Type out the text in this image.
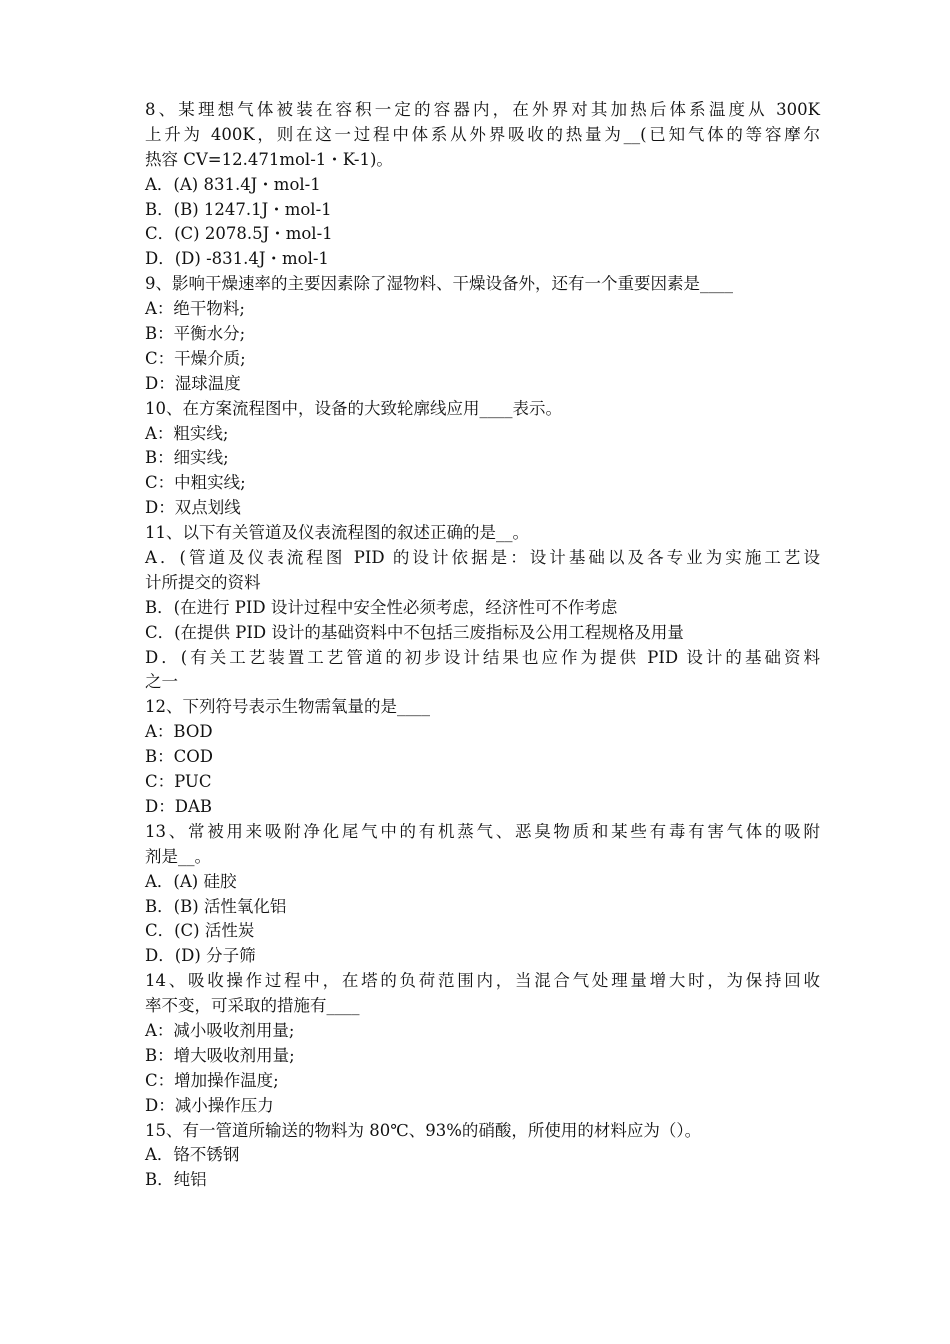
8、某理想气体被装在容积一定的容器内，在外界对其加热后体系温度从 300K
上升为 400K，则在这一过程中体系从外界吸收的热量为__(已知气体的等容摩尔
热容 CV=12.471mol-1・K-1)。
A．(A) 831.4J・mol-1
B．(B) 1247.1J・mol-1
C．(C) 2078.5J・mol-1
D．(D) -831.4J・mol-1
9、影响干燥速率的主要因素除了湿物料、干燥设备外，还有一个重要因素是____
A：绝干物料;
B：平衡水分;
C：干燥介质;
D：湿球温度
10、在方案流程图中，设备的大致轮廓线应用____表示。
A：粗实线;
B：细实线;
C：中粗实线;
D：双点划线
11、以下有关管道及仪表流程图的叙述正确的是__。
A．(管道及仪表流程图 PID 的设计依据是：设计基础以及各专业为实施工艺设
计所提交的资料
B．(在进行 PID 设计过程中安全性必须考虑，经济性可不作考虑
C．(在提供 PID 设计的基础资料中不包括三废指标及公用工程规格及用量
D．(有关工艺装置工艺管道的初步设计结果也应作为提供 PID 设计的基础资料
之一
12、下列符号表示生物需氧量的是____
A：BOD
B：COD
C：PUC
D：DAB
13、常被用来吸附净化尾气中的有机蒸气、恶臭物质和某些有毒有害气体的吸附
剂是__。
A．(A) 硅胶
B．(B) 活性氧化铝
C．(C) 活性炭
D．(D) 分子筛
14、吸收操作过程中，在塔的负荷范围内，当混合气处理量增大时，为保持回收
率不变，可采取的措施有____
A：减小吸收剂用量;
B：增大吸收剂用量;
C：增加操作温度;
D：减小操作压力
15、有一管道所输送的物料为 80℃、93%的硝酸，所使用的材料应为（）。
A．铬不锈钢
B．纯铝
